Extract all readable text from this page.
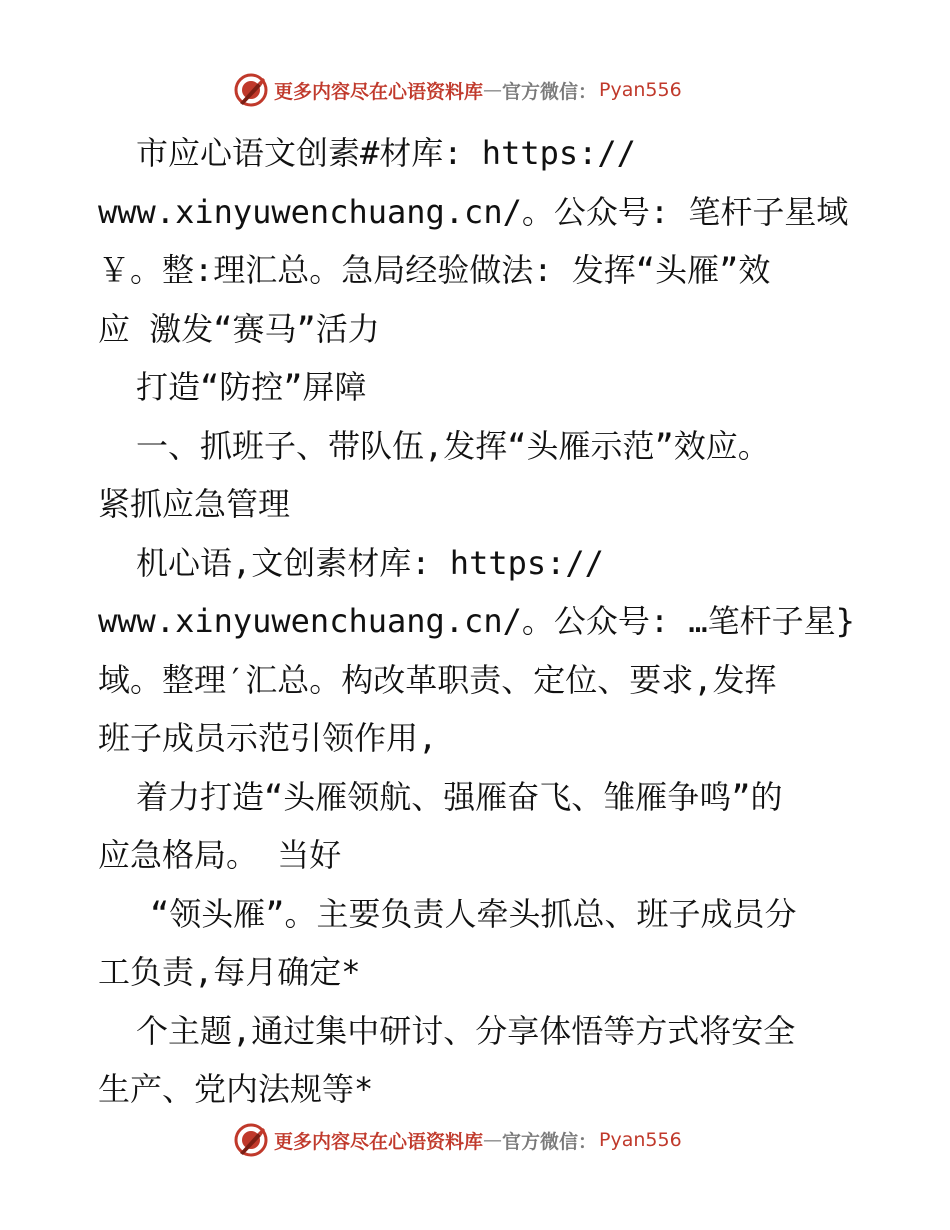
更多内容尽在心语资料库 — 官方微信： Pyan556
市应心语文创素#材库: https://
www.xinyuwenchuang.cn/。公众号: 笔杆子星域
￥。整:理汇总。急局经验做法: 发挥“头雁”效
应 激发“赛马”活力
打造“防控”屏障
一、抓班子、带队伍,发挥“头雁示范”效应。
紧抓应急管理
机心语,文创素材库: https://
www.xinyuwenchuang.cn/。公众号: …笔杆子星}
域。整理′汇总。构改革职责、定位、要求,发挥
班子成员示范引领作用,
着力打造“头雁领航、强雁奋飞、雏雁争鸣”的
应急格局。 当好
“领头雁”。主要负责人牵头抓总、班子成员分
工负责,每月确定*
个主题,通过集中研讨、分享体悟等方式将安全
生产、党内法规等*
更多内容尽在心语资料库 — 官方微信： Pyan556
